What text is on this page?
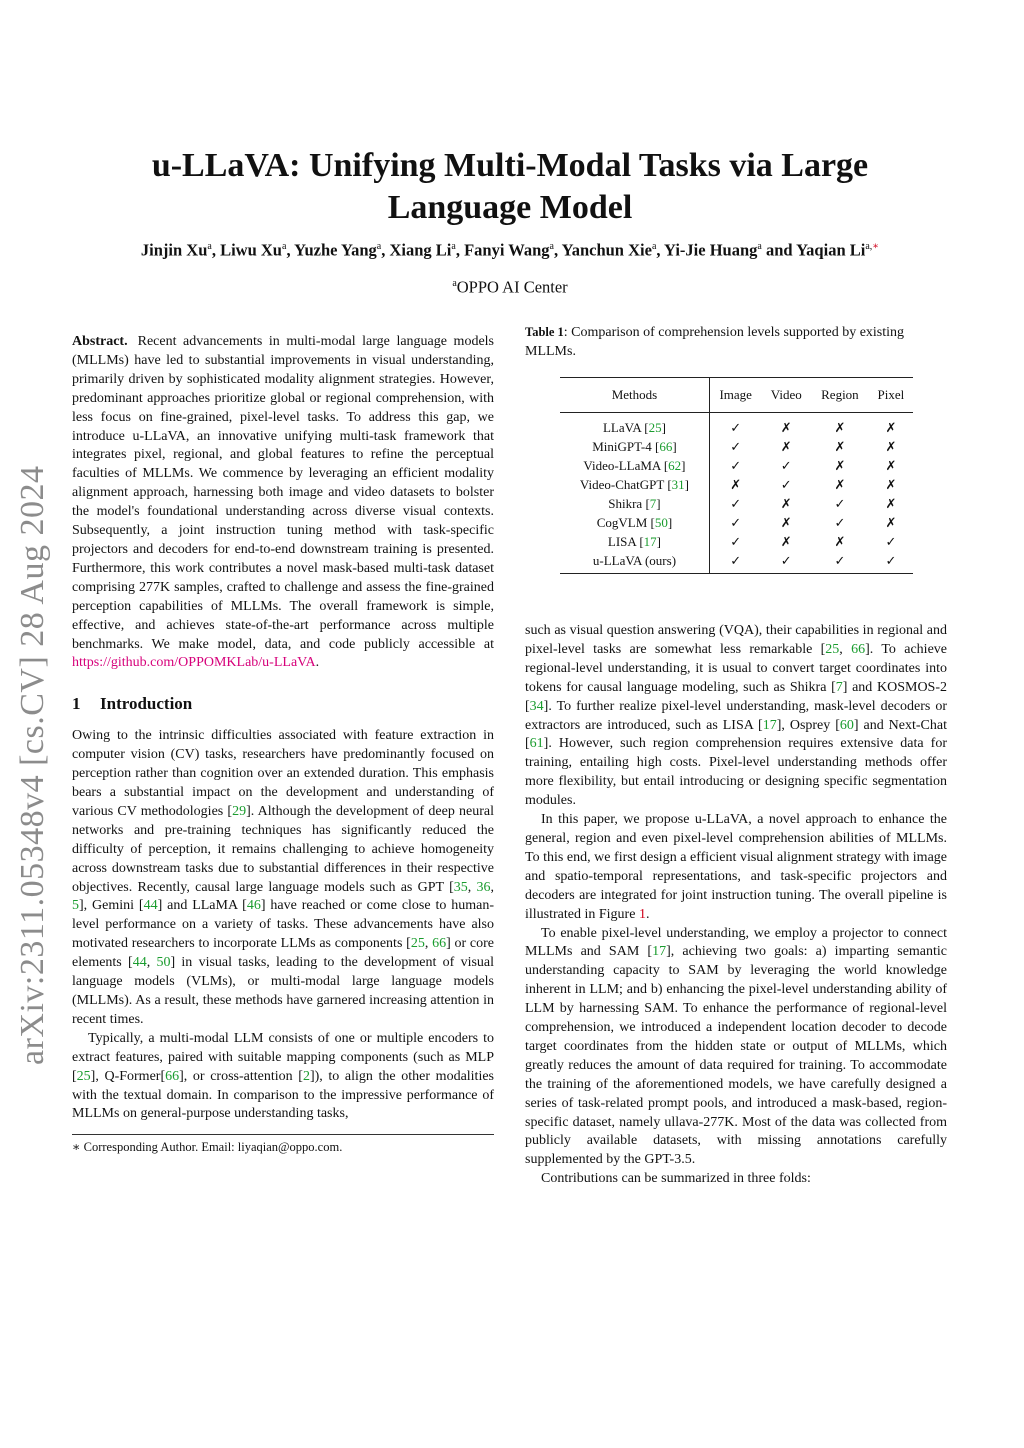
arXiv:2311.05348v4 [cs.CV] 28 Aug 2024
u-LLaVA: Unifying Multi-Modal Tasks via Large Language Model
Jinjin Xu$^a$, Liwu Xu$^a$, Yuzhe Yang$^a$, Xiang Li$^a$, Fanyi Wang$^a$, Yanchun Xie$^a$, Yi-Jie Huang$^a$ and Yaqian $Li^{a,∗}$
$^a$OPPO AI Center

Abstract. Recent advancements in multi-modal large language models (MLLMs) have led to substantial improvements in visual understanding, primarily driven by sophisticated modality alignment strategies. However, predominant approaches prioritize global or regional comprehension, with less focus on fine-grained, pixel-level tasks. To address this gap, we introduce u-LLaVA, an innovative unifying multi-task framework that integrates pixel, regional, and global features to refine the perceptual faculties of MLLMs. We commence by leveraging an efficient modality alignment approach, harnessing both image and video datasets to bolster the model's foundational understanding across diverse visual contexts. Subsequently, a joint instruction tuning method with task-specific projectors and decoders for end-to-end downstream training is presented. Furthermore, this work contributes a novel mask-based multi-task dataset comprising 277K samples, crafted to challenge and assess the fine-grained perception capabilities of MLLMs. The overall framework is simple, effective, and achieves state-of-the-art performance across multiple benchmarks. We make model, data, and code publicly accessible at https://github.com/OPPOMKLab/u-LLaVA.

1 Introduction

Owing to the intrinsic difficulties associated with feature extraction in computer vision (CV) tasks, researchers have predominantly focused on perception rather than cognition over an extended duration. This emphasis bears a substantial impact on the development and understanding of various CV methodologies [29]. Although the development of deep neural networks and pre-training techniques has significantly reduced the difficulty of perception, it remains challenging to achieve homogeneity across downstream tasks due to substantial differences in their respective objectives. Recently, causal large language models such as GPT [35, 36, 5], Gemini [44] and LLaMA [46] have reached or come close to human-level performance on a variety of tasks. These advancements have also motivated researchers to incorporate LLMs as components [25, 66] or core elements [44, 50] in visual tasks, leading to the development of visual language models (VLMs), or multi-modal large language models (MLLMs). As a result, these methods have garnered increasing attention in recent times.

Typically, a multi-modal LLM consists of one or multiple encoders to extract features, paired with suitable mapping components (such as MLP [25], Q-Former[66], or cross-attention [2]), to align the other modalities with the textual domain. In comparison to the impressive performance of MLLMs on general-purpose understanding tasks,

∗ Corresponding Author. Email: liyaqian@oppo.com.
Table 1: Comparison of comprehension levels supported by existing MLLMs.
Methods	Image	Video	Region	Pixel
LLaVA [25]	✓	✗	✗	✗
MiniGPT-4 [66]	✓	✗	✗	✗
Video-LLaMA [62]	✓	✓	✗	✗
Video-ChatGPT [31]	✗	✓	✗	✗
Shikra [7]	✓	✗	✓	✗
CogVLM [50]	✓	✗	✓	✗
LISA [17]	✓	✗	✗	✓
u-LLaVA (ours)	✓	✓	✓	✓

such as visual question answering (VQA), their capabilities in regional and pixel-level tasks are somewhat less remarkable [25, 66]. To achieve regional-level understanding, it is usual to convert target coordinates into tokens for causal language modeling, such as Shikra [7] and KOSMOS-2 [34]. To further realize pixel-level understanding, mask-level decoders or extractors are introduced, such as LISA [17], Osprey [60] and Next-Chat [61]. However, such region comprehension requires extensive data for training, entailing high costs. Pixel-level understanding methods offer more flexibility, but entail introducing or designing specific segmentation modules.

In this paper, we propose u-LLaVA, a novel approach to enhance the general, region and even pixel-level comprehension abilities of MLLMs. To this end, we first design a efficient visual alignment strategy with image and spatio-temporal representations, and task-specific projectors and decoders are integrated for joint instruction tuning. The overall pipeline is illustrated in Figure 1.

To enable pixel-level understanding, we employ a projector to connect MLLMs and SAM [17], achieving two goals: a) imparting semantic understanding capacity to SAM by leveraging the world knowledge inherent in LLM; and b) enhancing the pixel-level understanding ability of LLM by harnessing SAM. To enhance the performance of regional-level comprehension, we introduced a independent location decoder to decode target coordinates from the hidden state or output of MLLMs, which greatly reduces the amount of data required for training. To accommodate the training of the aforementioned models, we have carefully designed a series of task-related prompt pools, and introduced a mask-based, region-specific dataset, namely ullava-277K. Most of the data was collected from publicly available datasets, with missing annotations carefully supplemented by the GPT-3.5.

Contributions can be summarized in three folds:
